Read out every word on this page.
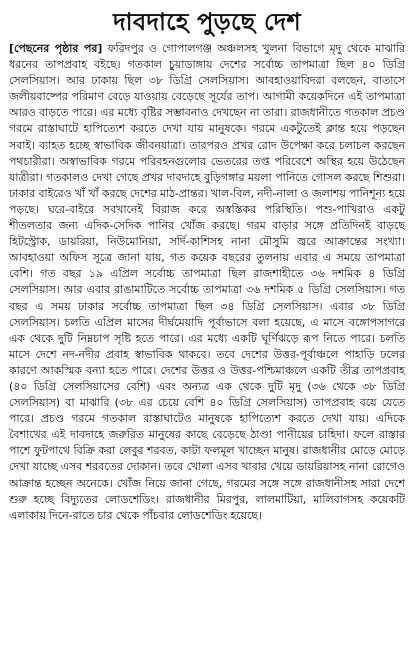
দাবদাহে পুড়ছে দেশ

[পেছনের পৃষ্ঠার পর] ফরিদপুর ও গোপালগঞ্জ অঞ্চলসহ খুলনা বিভাগে মৃদু থেকে মাঝারি ধরনের তাপপ্রবাহ বইছে। গতকাল চুয়াডাঙ্গায় দেশের সর্বোচ্চ তাপমাত্রা ছিল ৪০ ডিগ্রি সেলসিয়াস। আর ঢাকায় ছিল ৩৮ ডিগ্রি সেলসিয়াস। আবহাওয়াবিদরা বলছেন, বাতাসে জলীয়বাষ্পের পরিমাণ বেড়ে যাওয়ায় বেড়েছে সূর্যের তাপ। আগামী কয়েকদিনে এই তাপমাত্রা আরও বাড়তে পারে। এর মধ্যে বৃষ্টির সম্ভাবনাও দেখছেন না তারা। রাজধানীতে গতকাল প্রচণ্ড গরমে রাস্তাঘাটে হাপিত্যেশ করতে দেখা যায় মানুষকে। গরমে একটুতেই ক্লান্ত হয়ে পড়ছেন সবাই। ব্যাহত হচ্ছে স্বাভাবিক জীবনযাত্রা। তারপরও প্রখর রোদ উপেক্ষা করে চলাচল করছেন পথচারীরা। অস্বাভাবিক গরমে পরিবহনগুলোর ভেতরের তপ্ত পরিবেশে অস্থির হয়ে উঠেছেন যাত্রীরা। গতকালও দেখা গেছে প্রখর দাবদাহে বুড়িগঙ্গার ময়লা পানিতে গোসল করছে শিশুরা। ঢাকার বাইরেও খাঁ খাঁ করছে দেশের মাঠ-প্রান্তর। খাল-বিল, নদী-নালা ও জলাশয় পানিশূন্য হয়ে পড়ছে। ঘরে-বাইরে সবখানেই বিরাজ করে অস্বস্তিকর পরিস্থিতি। পশু-পাখিরাও একটু শীতলতার জন্য এদিক-সেদিক পানির খোঁজ করছে। গরম বাড়ার সঙ্গে প্রতিদিনই বাড়ছে হিটস্ট্রোক, ডায়রিয়া, নিউমোনিয়া, সর্দি-কাশিসহ নানা মৌসুমি জ্বরে আক্রান্তের সংখ্যা। আবহাওয়া অফিস সূত্রে জানা যায়, গত কয়েক বছরের তুলনায় এবার এ সময়ে তাপমাত্রা বেশি। গত বছর ১৯ এপ্রিল সর্বোচ্চ তাপমাত্রা ছিল রাজশাহীতে ৩৬ দশমিক ৪ ডিগ্রি সেলসিয়াস। আর এবার রাঙামাটিতে সর্বোচ্চ তাপমাত্রা ৩৬ দশমিক ৫ ডিগ্রি সেলসিয়াস। গত বছর এ সময় ঢাকার সর্বোচ্চ তাপমাত্রা ছিল ৩৪ ডিগ্রি সেলসিয়াস। এবার ৩৮ ডিগ্রি সেলসিয়াস। চলতি এপ্রিল মাসের দীর্ঘমেয়াদি পূর্বাভাসে বলা হয়েছে, এ মাসে বঙ্গোপসাগরে এক থেকে দুটি নিম্নচাপ সৃষ্টি হতে পারে। এর মধ্যে একটি ঘূর্ণিঝড়ে রূপ নিতে পারে। চলতি মাসে দেশে নদ-নদীর প্রবাহ স্বাভাবিক থাকবে। তবে দেশের উত্তর-পূর্বাঞ্চলে পাহাড়ি ঢলের কারণে আকস্মিক বন্যা হতে পারে। দেশের উত্তর ও উত্তর-পশ্চিমাঞ্চলে একটি তীব্র তাপপ্রবাহ (৪০ ডিগ্রি সেলসিয়াসের বেশি) এবং অন্যত্র এক থেকে দুটি মৃদু (৩৬ থেকে ৩৮ ডিগ্রি সেলসিয়াস) বা মাঝারি (৩৮ এর চেয়ে বেশি ৪০ ডিগ্রি সেলসিয়াস) তাপপ্রবাহ বয়ে যেতে পারে। প্রচণ্ড গরমে গতকাল রাস্তাঘাটেও মানুষকে হাপিত্যেশ করতে দেখা যায়। এদিকে বৈশাখের এই দাবদাহে জরুরিত মানুষের কাছে বেড়েছে ঠাণ্ডা পানীয়ের চাহিদা। ফলে রাস্তার পাশে ফুটপাথে বিক্রি করা লেবুর শরবত, কাটা ফলমূল খাচ্ছেন মানুষ। রাজধানীর মোড়ে মোড়ে দেখা যাচ্ছে এসব শরবতের দোকান। তবে খোলা এসব খাবার খেয়ে ডায়রিয়াসহ নানা রোগেও আক্রান্ত হচ্ছেন অনেকে। খোঁজ নিয়ে জানা গেছে, গরমের সঙ্গে সঙ্গে রাজধানীসহ সারা দেশে শুরু হচ্ছে বিদ্যুতের লোডশেডিং। রাজধানীর মিরপুর, লালমাটিয়া, মালিবাগসহ কয়েকটি এলাকায় দিনে-রাতে চার থেকে পাঁচবার লোডশেডিং হয়েছে।
